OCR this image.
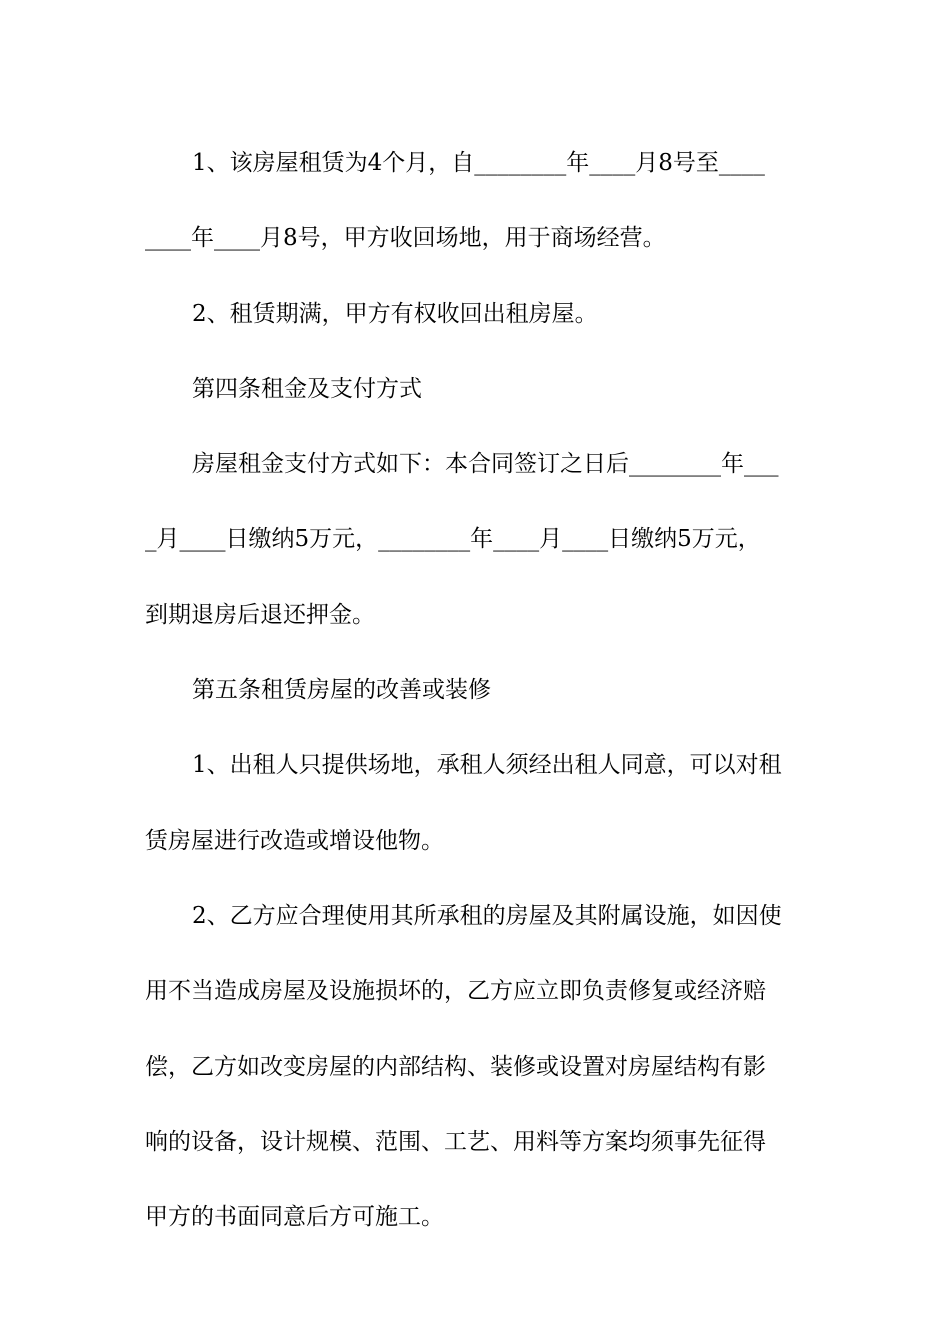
1、该房屋租赁为4个月，自________年____月8号至____
____年____月8号，甲方收回场地，用于商场经营。
2、租赁期满，甲方有权收回出租房屋。
第四条租金及支付方式
房屋租金支付方式如下：本合同签订之日后________年___
_月____日缴纳5万元，________年____月____日缴纳5万元，
到期退房后退还押金。
第五条租赁房屋的改善或装修
1、出租人只提供场地，承租人须经出租人同意，可以对租
赁房屋进行改造或增设他物。
2、乙方应合理使用其所承租的房屋及其附属设施，如因使
用不当造成房屋及设施损坏的，乙方应立即负责修复或经济赔
偿，乙方如改变房屋的内部结构、装修或设置对房屋结构有影
响的设备，设计规模、范围、工艺、用料等方案均须事先征得
甲方的书面同意后方可施工。
